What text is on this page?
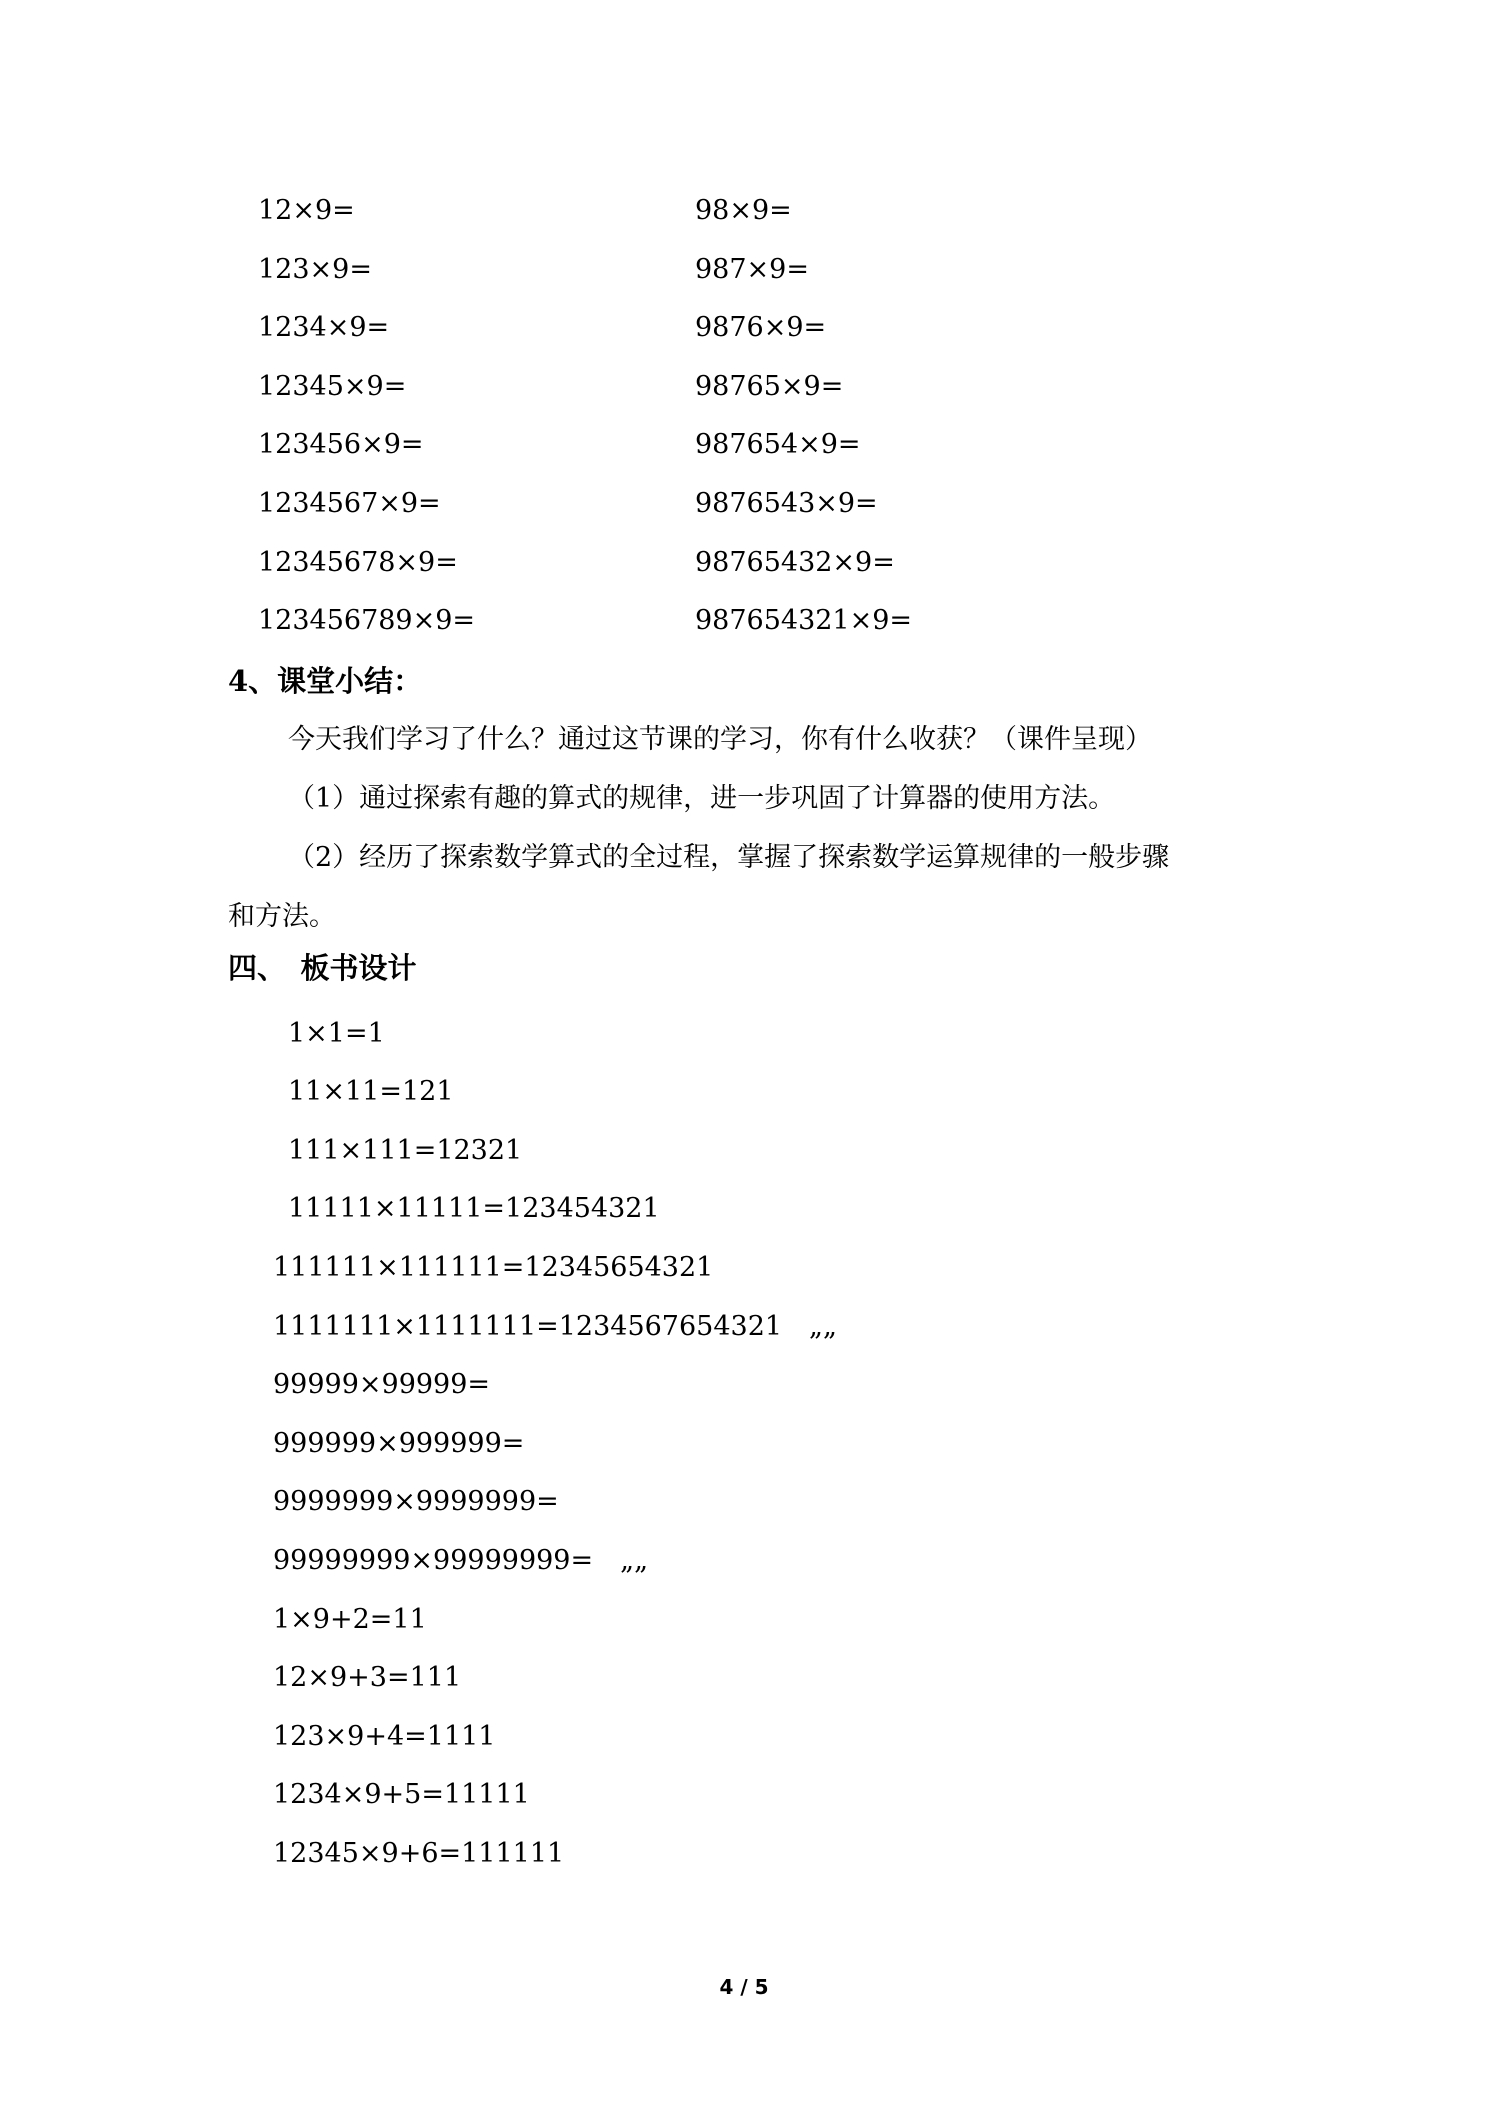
12×9=
123×9=
1234×9=
12345×9=
123456×9=
1234567×9=
12345678×9=
123456789×9=
98×9=
987×9=
9876×9=
98765×9=
987654×9=
9876543×9=
98765432×9=
987654321×9=
4、课堂小结：
今天我们学习了什么？通过这节课的学习，你有什么收获？（课件呈现）
（1）通过探索有趣的算式的规律，进一步巩固了计算器的使用方法。
（2）经历了探索数学算式的全过程，掌握了探索数学运算规律的一般步骤
和方法。
四、　板书设计
1×1=1
11×11=121
111×111=12321
11111×11111=123454321
111111×111111=12345654321
1111111×1111111=1234567654321　„„
99999×99999=
999999×999999=
9999999×9999999=
99999999×99999999=　„„
1×9+2=11
12×9+3=111
123×9+4=1111
1234×9+5=11111
12345×9+6=111111
4 / 5
